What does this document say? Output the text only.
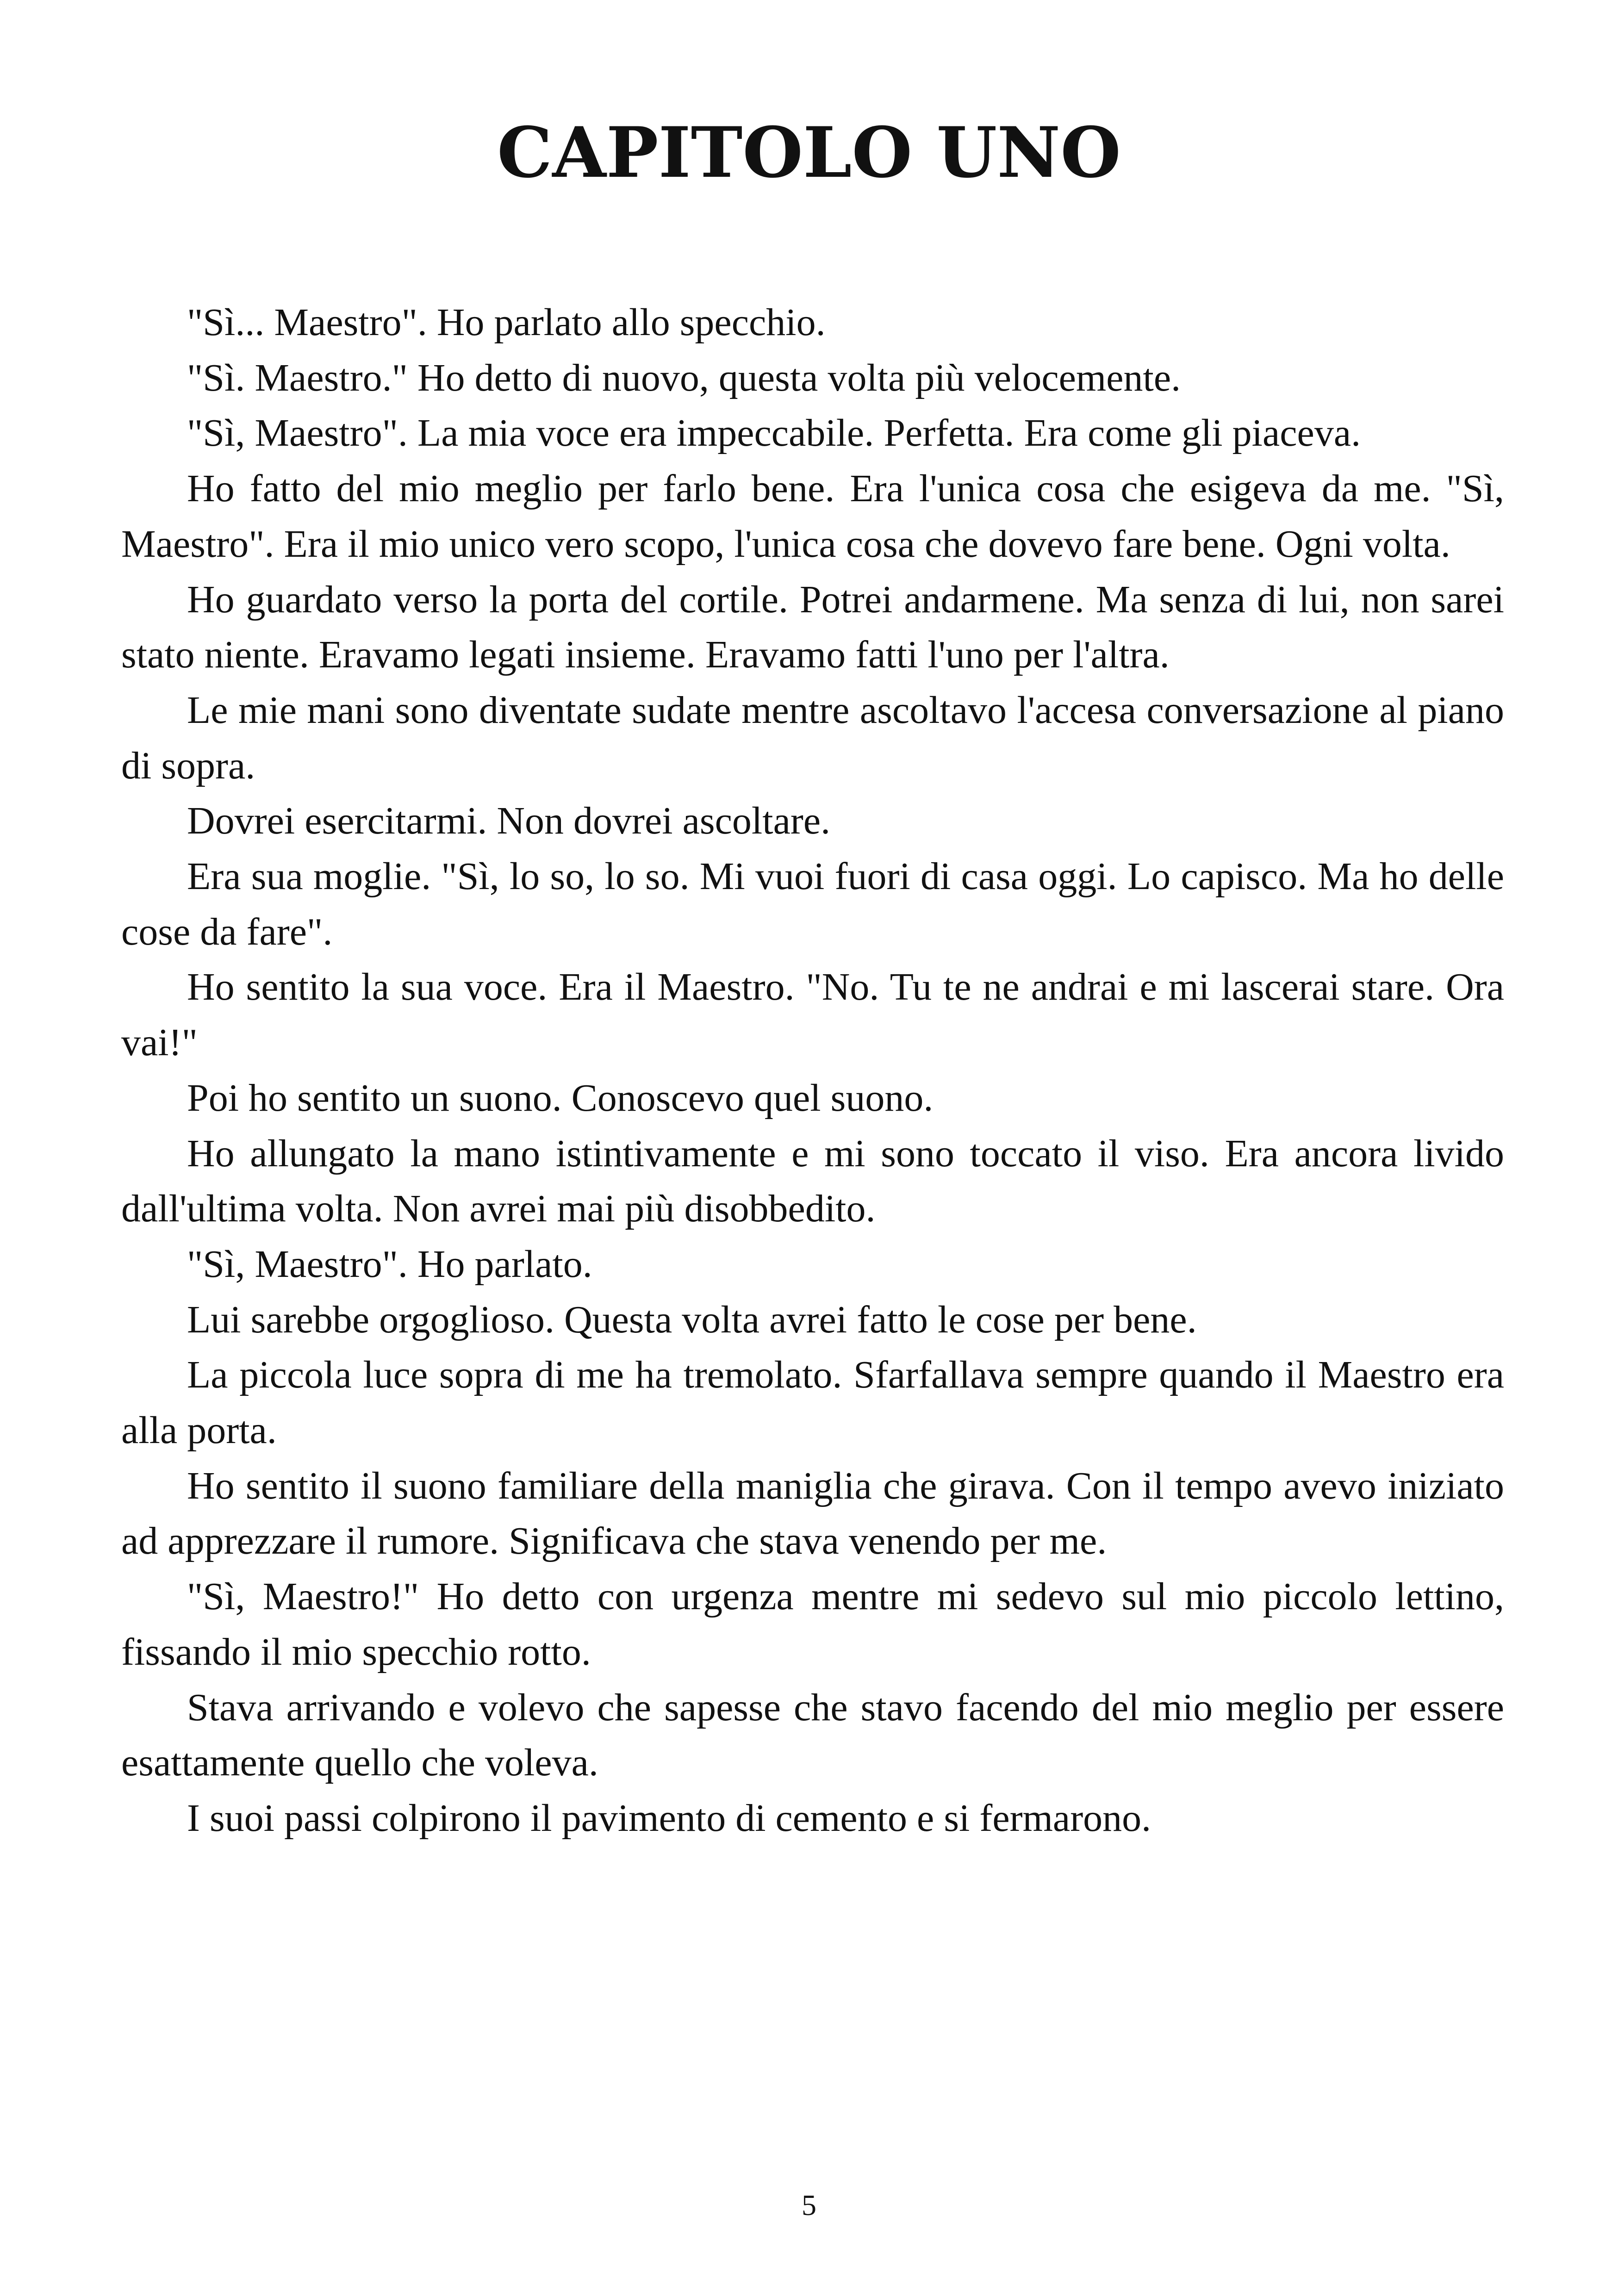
CAPITOLO UNO

"Sì... Maestro". Ho parlato allo specchio.

"Sì. Maestro." Ho detto di nuovo, questa volta più velocemente.

"Sì, Maestro". La mia voce era impeccabile. Perfetta. Era come gli piaceva.

Ho fatto del mio meglio per farlo bene. Era l'unica cosa che esigeva da me. "Sì, Maestro". Era il mio unico vero scopo, l'unica cosa che dovevo fare bene. Ogni volta.

Ho guardato verso la porta del cortile. Potrei andarmene. Ma senza di lui, non sarei stato niente. Eravamo legati insieme. Eravamo fatti l'uno per l'altra.

Le mie mani sono diventate sudate mentre ascoltavo l'accesa conversazione al piano di sopra.

Dovrei esercitarmi. Non dovrei ascoltare.

Era sua moglie. "Sì, lo so, lo so. Mi vuoi fuori di casa oggi. Lo capisco. Ma ho delle cose da fare".

Ho sentito la sua voce. Era il Maestro. "No. Tu te ne andrai e mi lascerai stare. Ora vai!"

Poi ho sentito un suono. Conoscevo quel suono.

Ho allungato la mano istintivamente e mi sono toccato il viso. Era ancora livido dall'ultima volta. Non avrei mai più disobbedito.

"Sì, Maestro". Ho parlato.

Lui sarebbe orgoglioso. Questa volta avrei fatto le cose per bene.

La piccola luce sopra di me ha tremolato. Sfarfallava sempre quando il Maestro era alla porta.

Ho sentito il suono familiare della maniglia che girava. Con il tempo avevo iniziato ad apprezzare il rumore. Significava che stava venendo per me.

"Sì, Maestro!" Ho detto con urgenza mentre mi sedevo sul mio piccolo lettino, fissando il mio specchio rotto.

Stava arrivando e volevo che sapesse che stavo facendo del mio meglio per essere esattamente quello che voleva.

I suoi passi colpirono il pavimento di cemento e si fermarono.

5
